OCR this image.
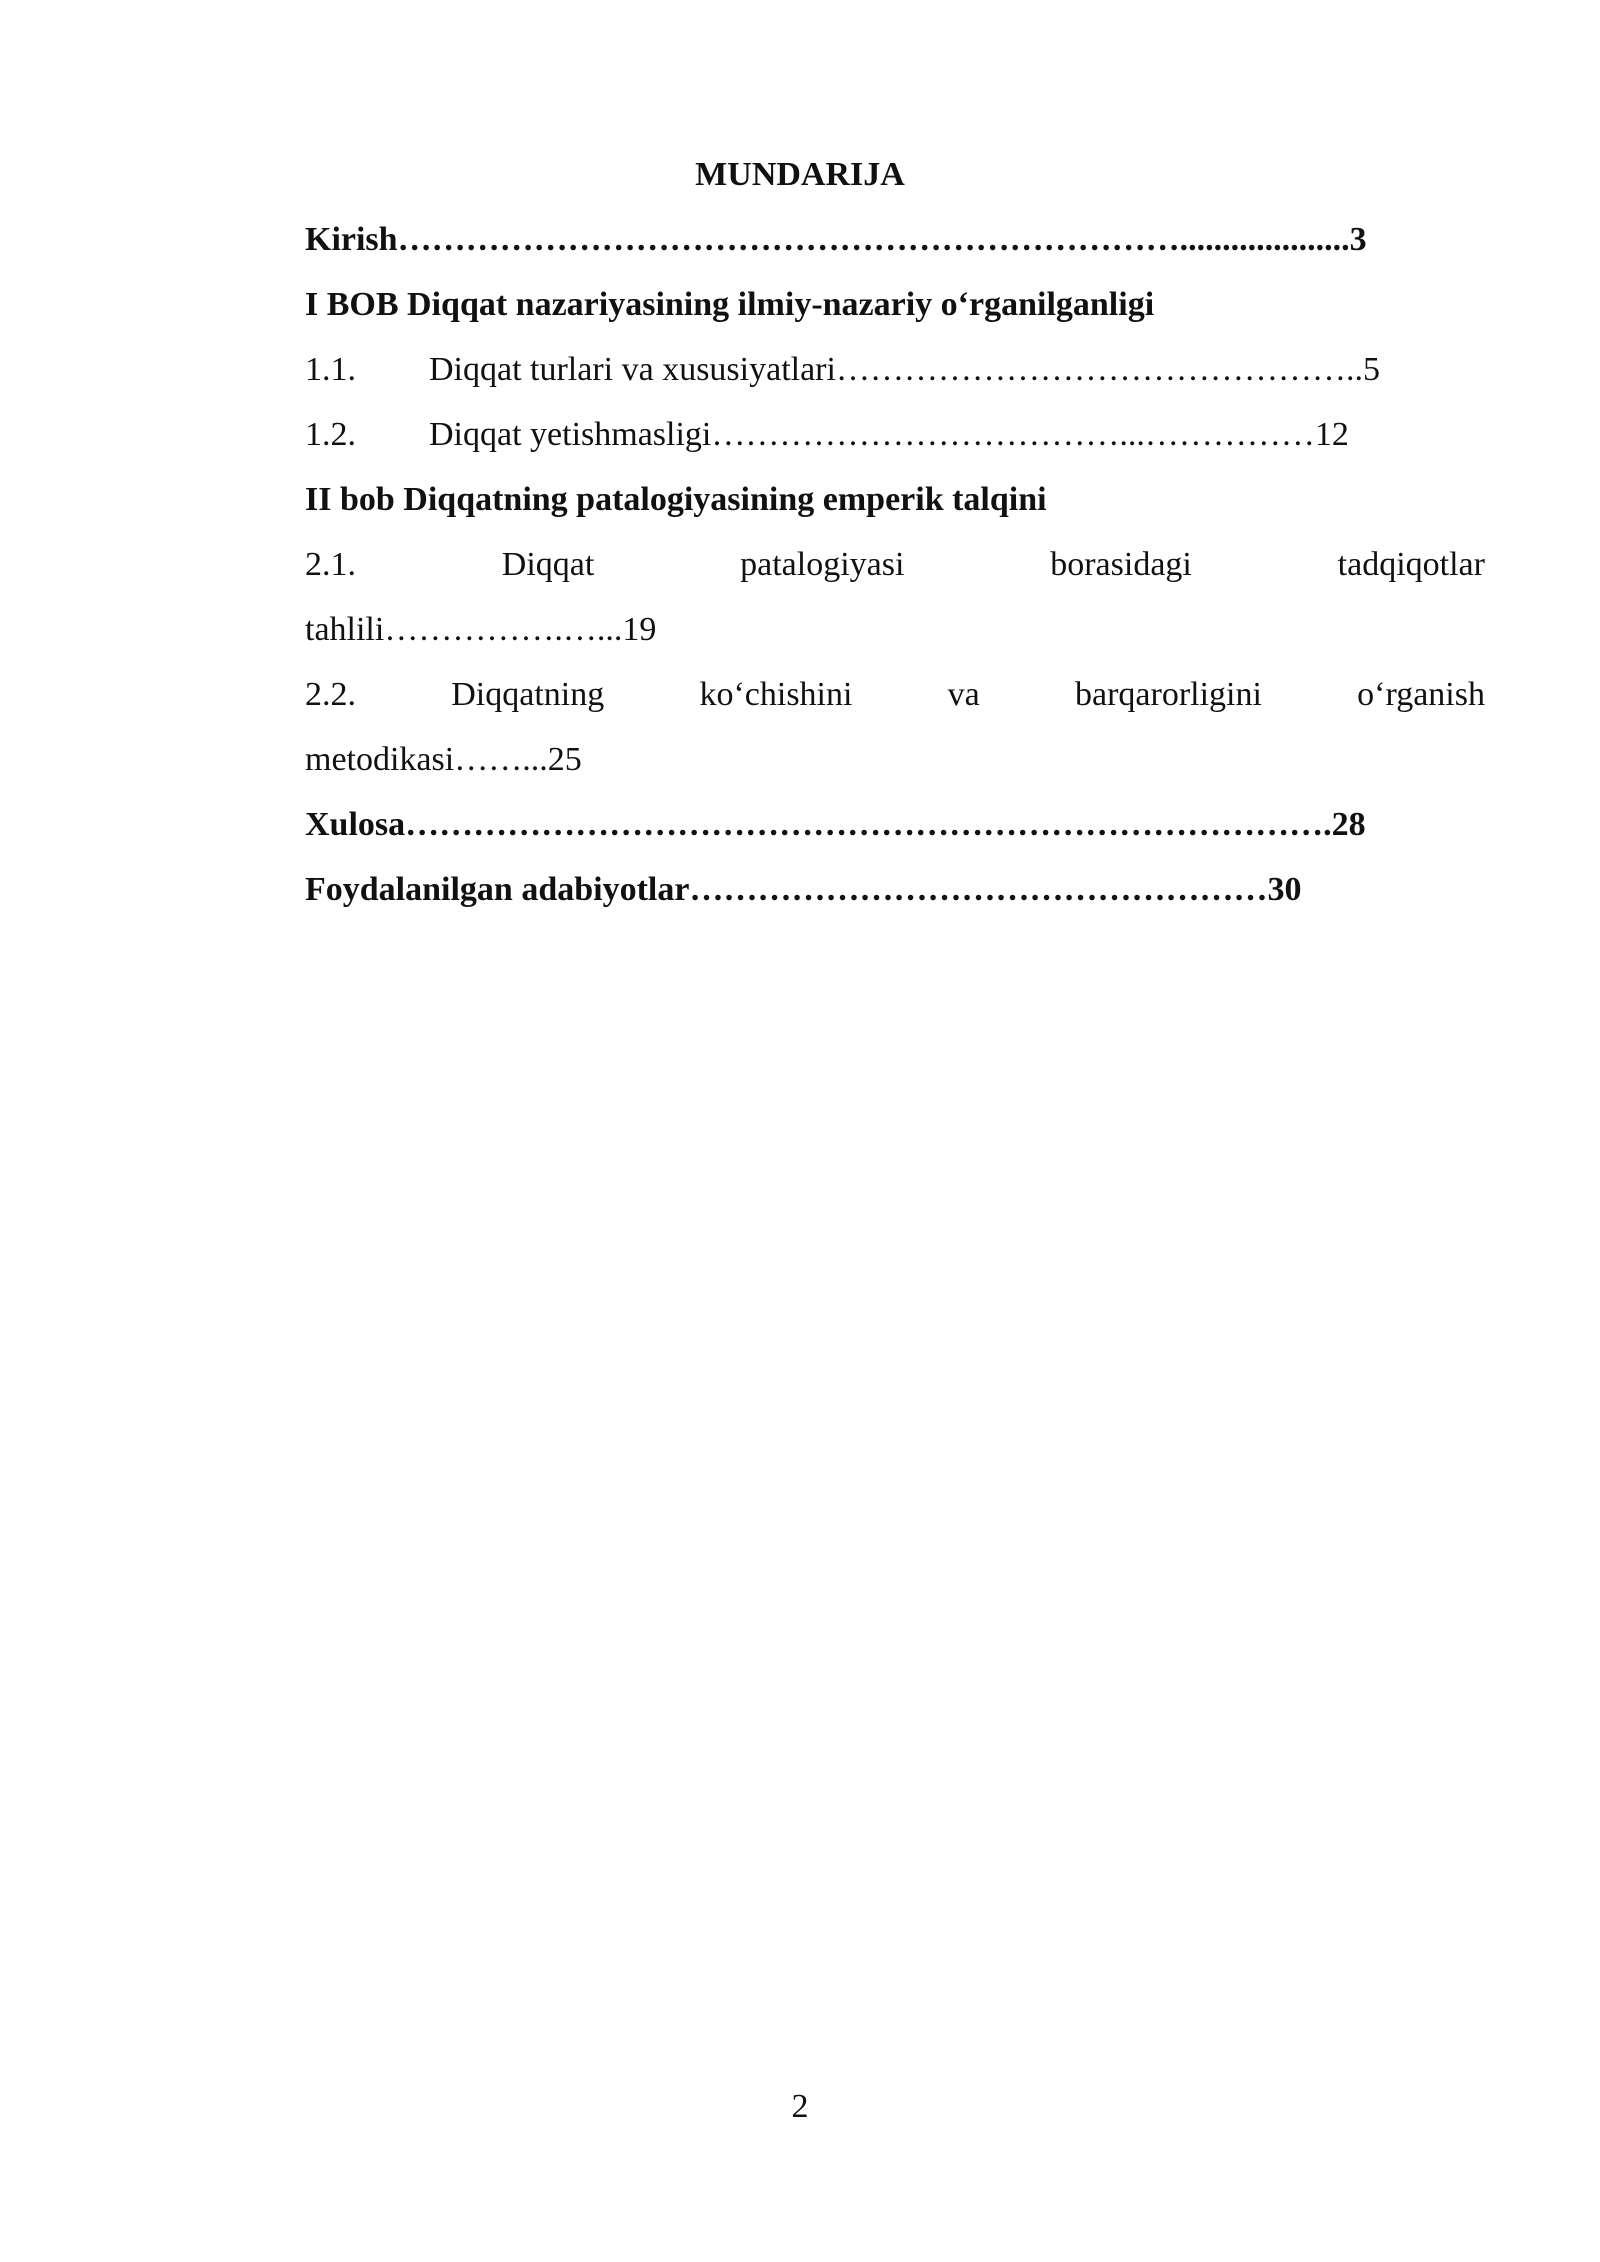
MUNDARIJA
Kirish……………………………………………………………....................3
I BOB Diqqat nazariyasining ilmiy-nazariy o‘rganilganligi
1.1. Diqqat turlari va xususiyatlari………………………………………..5
1.2. Diqqat yetishmasligi………………………………...……………12
II bob Diqqatning patalogiyasining emperik talqini
2.1.	Diqqat	patalogiyasi	borasidagi	tadqiqotlar
tahlili…………….…...19
2.2.	Diqqatning	ko‘chishini	va	barqarorligini	o‘rganish
metodikasi……...25
Xulosa……………………………………………………………………….28
Foydalanilgan adabiyotlar……………………………………………30
2
